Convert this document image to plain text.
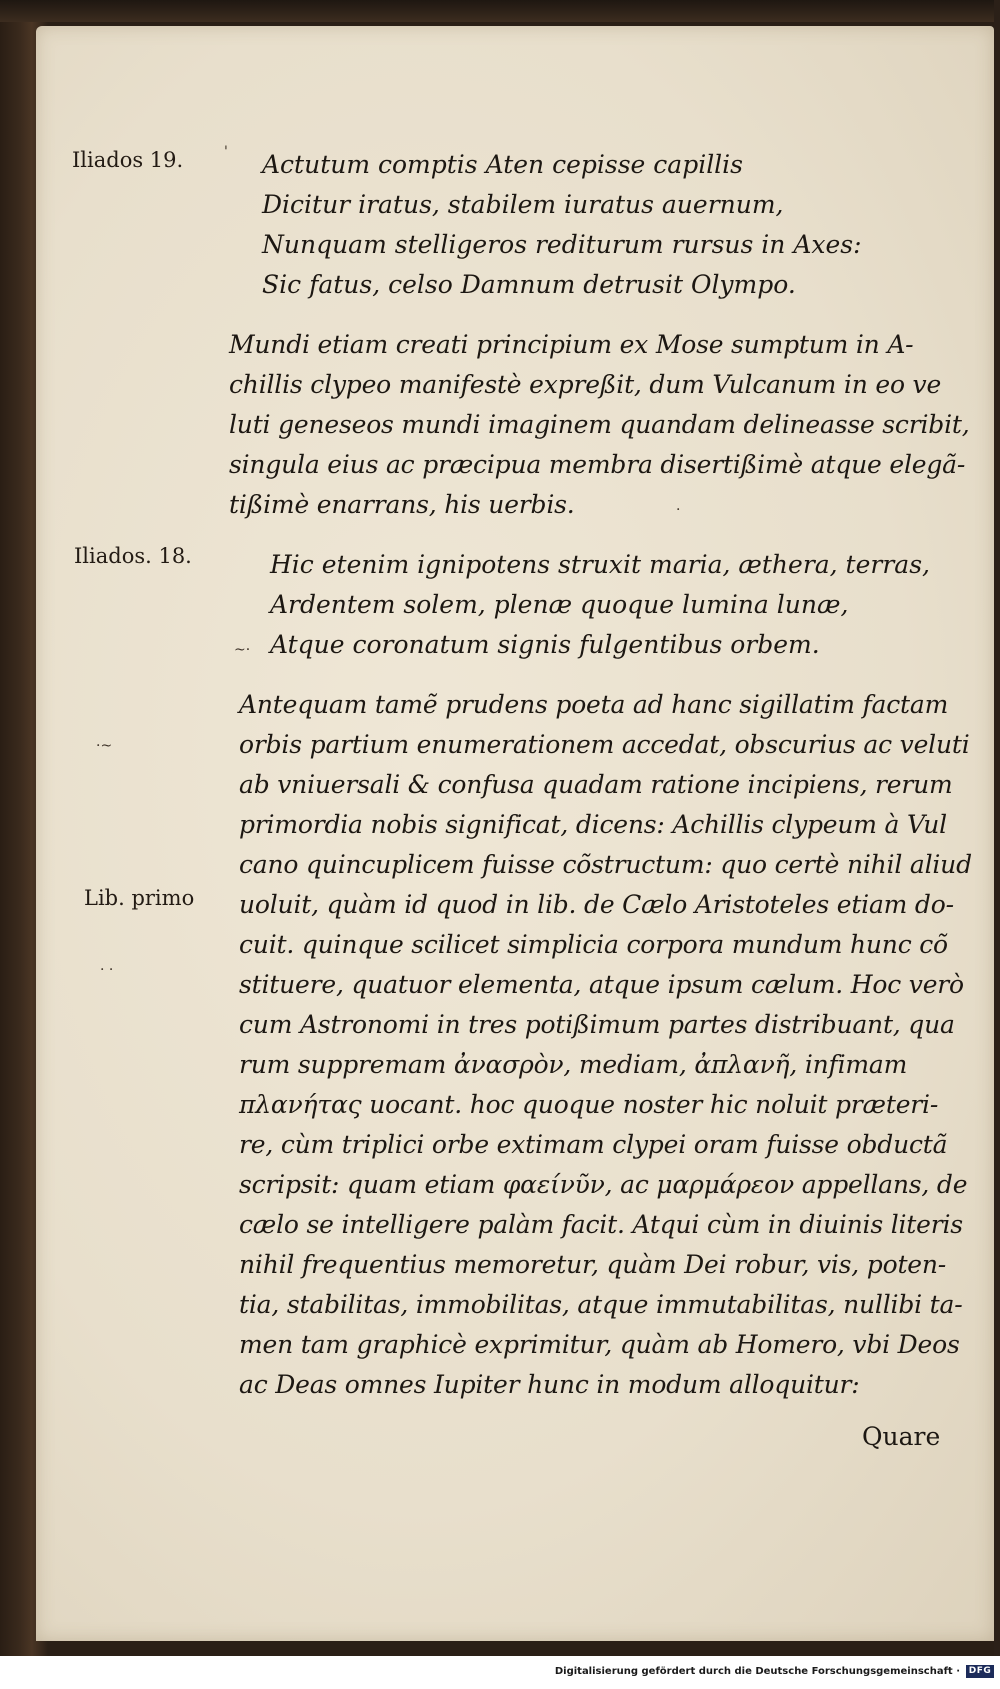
Iliados 19.
Iliados. 18.
Lib. primo
Actutum comptis Aten cepisse capillis
Dicitur iratus, stabilem iuratus auernum,
Nunquam stelligeros rediturum rursus in Axes:
Sic fatus, celso Damnum detrusit Olympo.
Mundi etiam creati principium ex Mose sumptum in A-
chillis clypeo manifestè expreßit, dum Vulcanum in eo ve
luti geneseos mundi imaginem quandam delineasse scribit,
singula eius ac præcipua membra disertißimè atque elegã-
tißimè enarrans, his uerbis.
Hic etenim ignipotens struxit maria, æthera, terras,
Ardentem solem, plenæ quoque lumina lunæ,
Atque coronatum signis fulgentibus orbem.
Antequam tamẽ prudens poeta ad hanc sigillatim factam
orbis partium enumerationem accedat, obscurius ac veluti
ab vniuersali & confusa quadam ratione incipiens, rerum
primordia nobis significat, dicens: Achillis clypeum à Vul
cano quincuplicem fuisse cõstructum: quo certè nihil aliud
uoluit, quàm id quod in lib. de Cælo Aristoteles etiam do-
cuit. quinque scilicet simplicia corpora mundum hunc cõ
stituere, quatuor elementa, atque ipsum cælum. Hoc verò
cum Astronomi in tres potißimum partes distribuant, qua
rum suppremam ἀνασρὸν, mediam, ἀπλανῆ, infimam
πλανήτας uocant. hoc quoque noster hic noluit præteri-
re, cùm triplici orbe extimam clypei oram fuisse obductã
scripsit: quam etiam φαείνῦν, ac μαρμάρεον appellans, de
cælo se intelligere palàm facit. Atqui cùm in diuinis literis
nihil frequentius memoretur, quàm Dei robur, vis, poten-
tia, stabilitas, immobilitas, atque immutabilitas, nullibi ta-
men tam graphicè exprimitur, quàm ab Homero, vbi Deos
ac Deas omnes Iupiter hunc in modum alloquitur:
Quare
'
~·
·~
· ·
·
Digitalisierung gefördert durch die Deutsche Forschungsgemeinschaft · DFG
